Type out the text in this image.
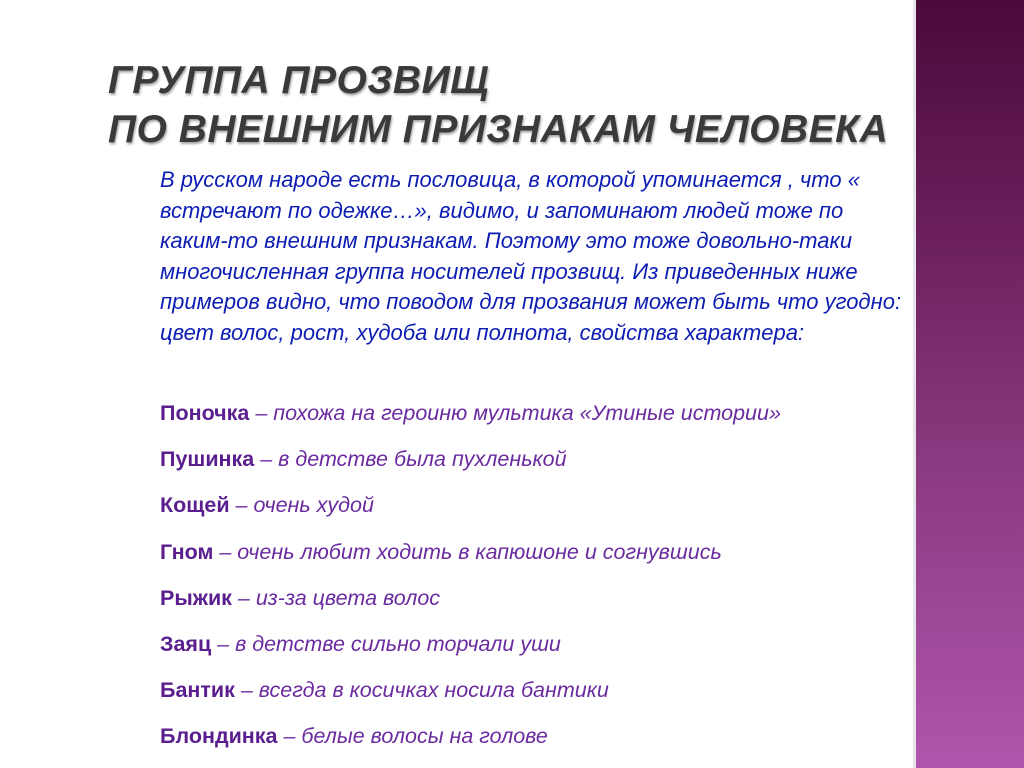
ГРУППА ПРОЗВИЩ
ПО ВНЕШНИМ ПРИЗНАКАМ ЧЕЛОВЕКА

В русском народе есть пословица, в которой упоминается , что « встречают по одежке…», видимо, и запоминают людей тоже по каким-то внешним признакам. Поэтому это тоже довольно-таки многочисленная группа носителей прозвищ. Из приведенных ниже примеров видно, что поводом для прозвания может быть что угодно: цвет волос, рост, худоба или полнота, свойства характера:

Поночка – похожа на героиню мультика «Утиные истории»
Пушинка – в детстве была пухленькой
Кощей – очень худой
Гном – очень любит ходить в капюшоне и согнувшись
Рыжик – из-за цвета волос
Заяц – в детстве сильно торчали уши
Бантик – всегда в косичках носила бантики
Блондинка – белые волосы на голове
